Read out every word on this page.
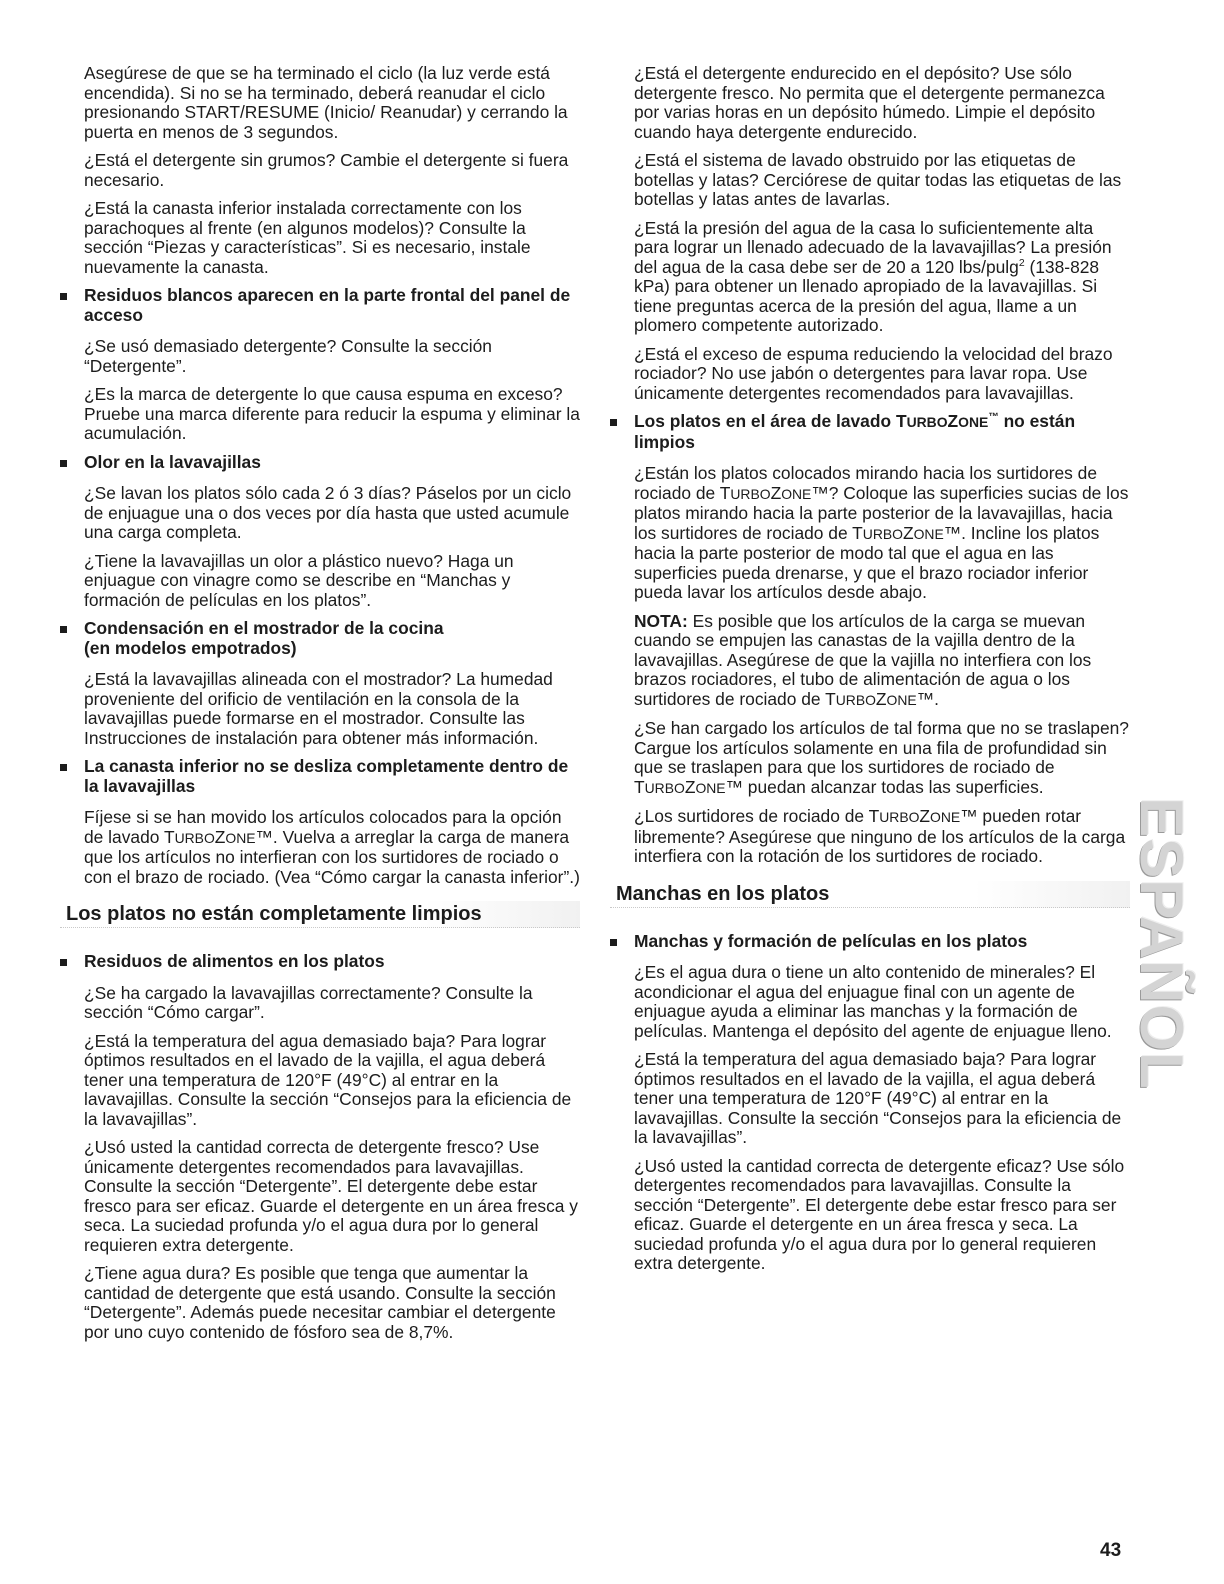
Asegúrese de que se ha terminado el ciclo (la luz verde está encendida). Si no se ha terminado, deberá reanudar el ciclo presionando START/RESUME (Inicio/ Reanudar) y cerrando la puerta en menos de 3 segundos.

¿Está el detergente sin grumos? Cambie el detergente si fuera necesario.

¿Está la canasta inferior instalada correctamente con los parachoques al frente (en algunos modelos)? Consulte la sección “Piezas y características”. Si es necesario, instale nuevamente la canasta.

Residuos blancos aparecen en la parte frontal del panel de acceso

¿Se usó demasiado detergente? Consulte la sección “Detergente”.

¿Es la marca de detergente lo que causa espuma en exceso? Pruebe una marca diferente para reducir la espuma y eliminar la acumulación.

Olor en la lavavajillas

¿Se lavan los platos sólo cada 2 ó 3 días? Páselos por un ciclo de enjuague una o dos veces por día hasta que usted acumule una carga completa.

¿Tiene la lavavajillas un olor a plástico nuevo? Haga un enjuague con vinagre como se describe en “Manchas y formación de películas en los platos”.

Condensación en el mostrador de la cocina
(en modelos empotrados)

¿Está la lavavajillas alineada con el mostrador? La humedad proveniente del orificio de ventilación en la consola de la lavavajillas puede formarse en el mostrador. Consulte las Instrucciones de instalación para obtener más información.

La canasta inferior no se desliza completamente dentro de la lavavajillas

Fíjese si se han movido los artículos colocados para la opción de lavado TURBOZONE™. Vuelva a arreglar la carga de manera que los artículos no interfieran con los surtidores de rociado o con el brazo de rociado. (Vea “Cómo cargar la canasta inferior”.)

Los platos no están completamente limpios
Residuos de alimentos en los platos

¿Se ha cargado la lavavajillas correctamente? Consulte la sección “Cómo cargar”.

¿Está la temperatura del agua demasiado baja? Para lograr óptimos resultados en el lavado de la vajilla, el agua deberá tener una temperatura de 120°F (49°C) al entrar en la lavavajillas. Consulte la sección “Consejos para la eficiencia de la lavavajillas”.

¿Usó usted la cantidad correcta de detergente fresco? Use únicamente detergentes recomendados para lavavajillas. Consulte la sección “Detergente”. El detergente debe estar fresco para ser eficaz. Guarde el detergente en un área fresca y seca. La suciedad profunda y/o el agua dura por lo general requieren extra detergente.

¿Tiene agua dura? Es posible que tenga que aumentar la cantidad de detergente que está usando. Consulte la sección “Detergente”. Además puede necesitar cambiar el detergente por uno cuyo contenido de fósforo sea de 8,7%.

¿Está el detergente endurecido en el depósito? Use sólo detergente fresco. No permita que el detergente permanezca por varias horas en un depósito húmedo. Limpie el depósito cuando haya detergente endurecido.

¿Está el sistema de lavado obstruido por las etiquetas de botellas y latas? Cerciórese de quitar todas las etiquetas de las botellas y latas antes de lavarlas.

¿Está la presión del agua de la casa lo suficientemente alta para lograr un llenado adecuado de la lavavajillas? La presión del agua de la casa debe ser de 20 a 120 lbs/pulg$^2$ (138-828 kPa) para obtener un llenado apropiado de la lavavajillas. Si tiene preguntas acerca de la presión del agua, llame a un plomero competente autorizado.

¿Está el exceso de espuma reduciendo la velocidad del brazo rociador? No use jabón o detergentes para lavar ropa. Use únicamente detergentes recomendados para lavavajillas.

Los platos en el área de lavado TURBOZONE™ no están limpios

¿Están los platos colocados mirando hacia los surtidores de rociado de TURBOZONE™? Coloque las superficies sucias de los platos mirando hacia la parte posterior de la lavavajillas, hacia los surtidores de rociado de TURBOZONE™. Incline los platos hacia la parte posterior de modo tal que el agua en las superficies pueda drenarse, y que el brazo rociador inferior pueda lavar los artículos desde abajo.

NOTA: Es posible que los artículos de la carga se muevan cuando se empujen las canastas de la vajilla dentro de la lavavajillas. Asegúrese de que la vajilla no interfiera con los brazos rociadores, el tubo de alimentación de agua o los surtidores de rociado de TURBOZONE™.

¿Se han cargado los artículos de tal forma que no se traslapen? Cargue los artículos solamente en una fila de profundidad sin que se traslapen para que los surtidores de rociado de TURBOZONE™ puedan alcanzar todas las superficies.

¿Los surtidores de rociado de TURBOZONE™ pueden rotar libremente? Asegúrese que ninguno de los artículos de la carga interfiera con la rotación de los surtidores de rociado.

Manchas en los platos
Manchas y formación de películas en los platos

¿Es el agua dura o tiene un alto contenido de minerales? El acondicionar el agua del enjuague final con un agente de enjuague ayuda a eliminar las manchas y la formación de películas. Mantenga el depósito del agente de enjuague lleno.

¿Está la temperatura del agua demasiado baja? Para lograr óptimos resultados en el lavado de la vajilla, el agua deberá tener una temperatura de 120°F (49°C) al entrar en la lavavajillas. Consulte la sección “Consejos para la eficiencia de la lavavajillas”.

¿Usó usted la cantidad correcta de detergente eficaz? Use sólo detergentes recomendados para lavavajillas. Consulte la sección “Detergente”. El detergente debe estar fresco para ser eficaz. Guarde el detergente en un área fresca y seca. La suciedad profunda y/o el agua dura por lo general requieren extra detergente.

ESPAÑOL
43
